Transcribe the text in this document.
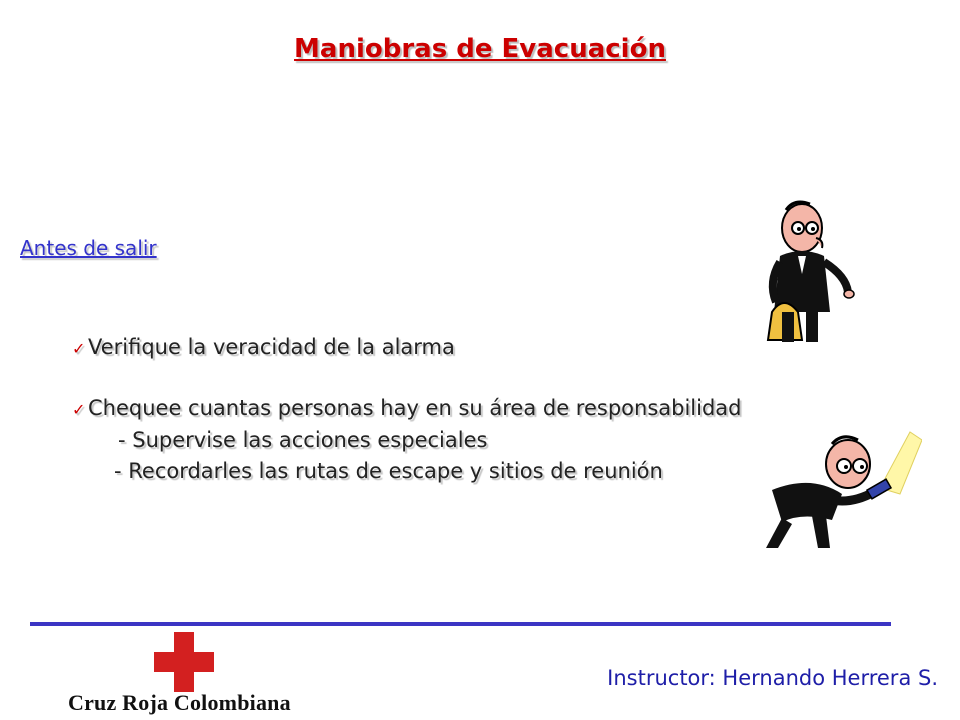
Maniobras de Evacuación
Antes de salir
✓ Verifique la veracidad de la alarma
✓ Chequee cuantas personas hay en su área de responsabilidad
- Supervise las acciones especiales
- Recordarles las rutas de escape y sitios de reunión
Cruz Roja Colombiana
Instructor: Hernando Herrera S.
